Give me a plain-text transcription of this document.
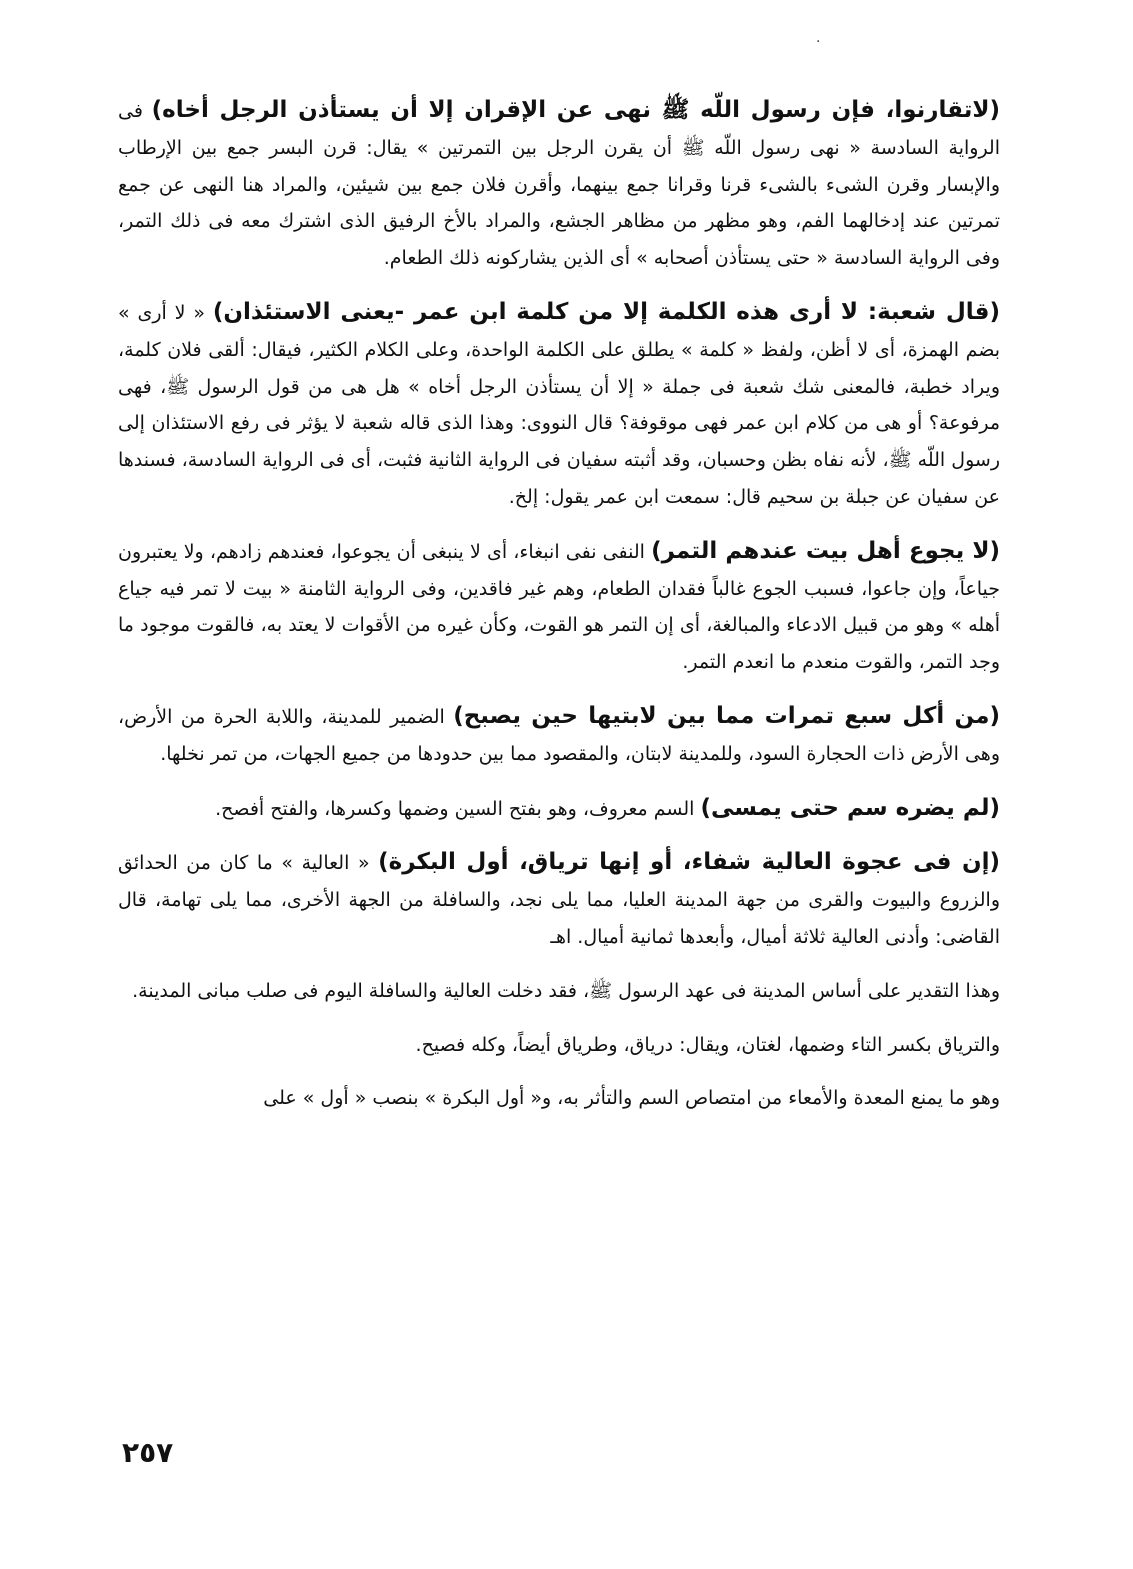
.

(لاتقارنوا، فإن رسول اللّه ﷺ نهى عن الإقران إلا أن يستأذن الرجل أخاه) فى الرواية السادسة « نهى رسول اللّه ﷺ أن يقرن الرجل بين التمرتين » يقال: قرن البسر جمع بين الإرطاب والإبسار وقرن الشىء بالشىء قرنا وقرانا جمع بينهما، وأقرن فلان جمع بين شيئين، والمراد هنا النهى عن جمع تمرتين عند إدخالهما الفم، وهو مظهر من مظاهر الجشع، والمراد بالأخ الرفيق الذى اشترك معه فى ذلك التمر، وفى الرواية السادسة « حتى يستأذن أصحابه » أى الذين يشاركونه ذلك الطعام.

(قال شعبة: لا أرى هذه الكلمة إلا من كلمة ابن عمر -يعنى الاستئذان) « لا أرى » بضم الهمزة، أى لا أظن، ولفظ « كلمة » يطلق على الكلمة الواحدة، وعلى الكلام الكثير، فيقال: ألقى فلان كلمة، ويراد خطبة، فالمعنى شك شعبة فى جملة « إلا أن يستأذن الرجل أخاه » هل هى من قول الرسول ﷺ، فهى مرفوعة؟ أو هى من كلام ابن عمر فهى موقوفة؟ قال النووى: وهذا الذى قاله شعبة لا يؤثر فى رفع الاستئذان إلى رسول اللّه ﷺ، لأنه نفاه بظن وحسبان، وقد أثبته سفيان فى الرواية الثانية فثبت، أى فى الرواية السادسة، فسندها عن سفيان عن جبلة بن سحيم قال: سمعت ابن عمر يقول: إلخ.

(لا يجوع أهل بيت عندهم التمر) النفى نفى انبغاء، أى لا ينبغى أن يجوعوا، فعندهم زادهم، ولا يعتبرون جياعاً، وإن جاعوا، فسبب الجوع غالباً فقدان الطعام، وهم غير فاقدين، وفى الرواية الثامنة « بيت لا تمر فيه جياع أهله » وهو من قبيل الادعاء والمبالغة، أى إن التمر هو القوت، وكأن غيره من الأقوات لا يعتد به، فالقوت موجود ما وجد التمر، والقوت منعدم ما انعدم التمر.

(من أكل سبع تمرات مما بين لابتيها حين يصبح) الضمير للمدينة، واللابة الحرة من الأرض، وهى الأرض ذات الحجارة السود، وللمدينة لابتان، والمقصود مما بين حدودها من جميع الجهات، من تمر نخلها.

(لم يضره سم حتى يمسى) السم معروف، وهو بفتح السين وضمها وكسرها، والفتح أفصح.

(إن فى عجوة العالية شفاء، أو إنها ترياق، أول البكرة) « العالية » ما كان من الحدائق والزروع والبيوت والقرى من جهة المدينة العليا، مما يلى نجد، والسافلة من الجهة الأخرى، مما يلى تهامة، قال القاضى: وأدنى العالية ثلاثة أميال، وأبعدها ثمانية أميال. اهـ

وهذا التقدير على أساس المدينة فى عهد الرسول ﷺ، فقد دخلت العالية والسافلة اليوم فى صلب مبانى المدينة.

والترياق بكسر التاء وضمها، لغتان، ويقال: درياق، وطرياق أيضاً، وكله فصيح.

وهو ما يمنع المعدة والأمعاء من امتصاص السم والتأثر به، و« أول البكرة » بنصب « أول » على

٢٥٧
